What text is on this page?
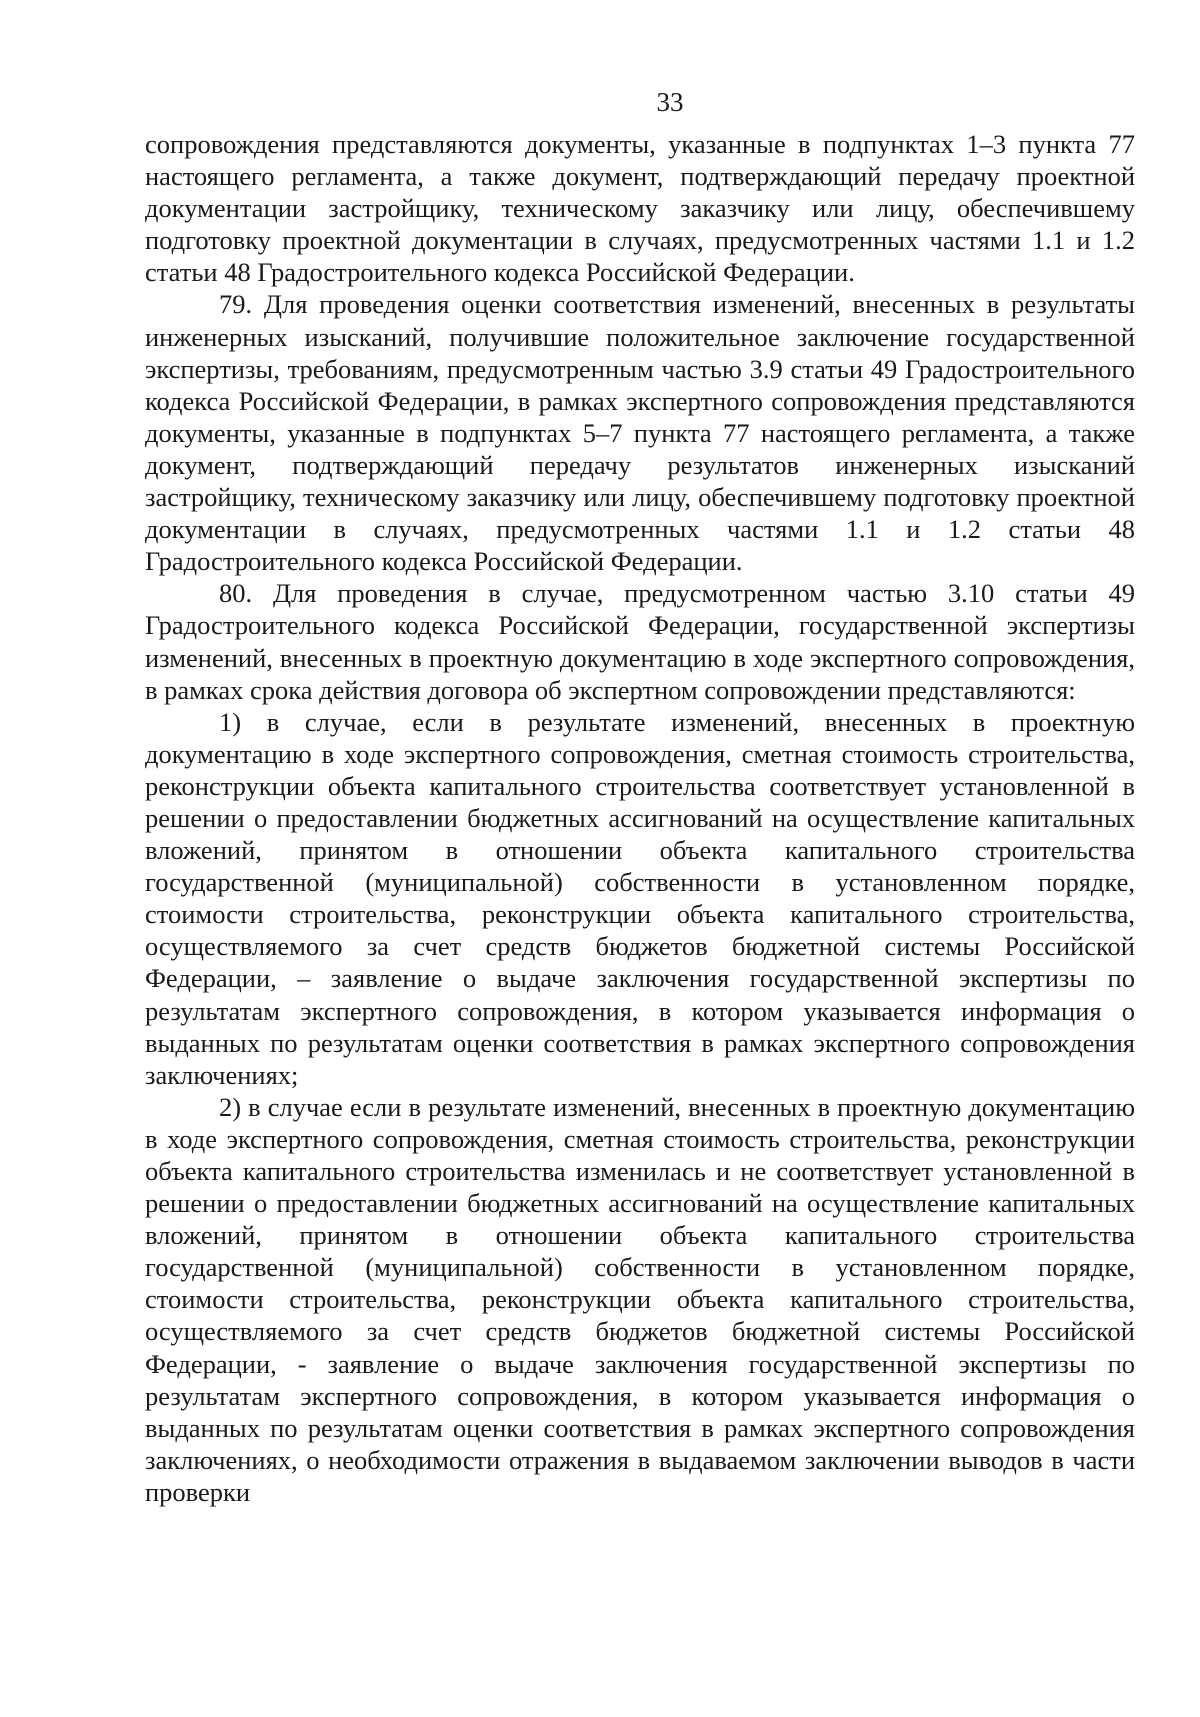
33

сопровождения представляются документы, указанные в подпунктах 1–3 пункта 77 настоящего регламента, а также документ, подтверждающий передачу проектной документации застройщику, техническому заказчику или лицу, обеспечившему подготовку проектной документации в случаях, предусмотренных частями 1.1 и 1.2 статьи 48 Градостроительного кодекса Российской Федерации.

79. Для проведения оценки соответствия изменений, внесенных в результаты инженерных изысканий, получившие положительное заключение государственной экспертизы, требованиям, предусмотренным частью 3.9 статьи 49 Градостроительного кодекса Российской Федерации, в рамках экспертного сопровождения представляются документы, указанные в подпунктах 5–7 пункта 77 настоящего регламента, а также документ, подтверждающий передачу результатов инженерных изысканий застройщику, техническому заказчику или лицу, обеспечившему подготовку проектной документации в случаях, предусмотренных частями 1.1 и 1.2 статьи 48 Градостроительного кодекса Российской Федерации.

80. Для проведения в случае, предусмотренном частью 3.10 статьи 49 Градостроительного кодекса Российской Федерации, государственной экспертизы изменений, внесенных в проектную документацию в ходе экспертного сопровождения, в рамках срока действия договора об экспертном сопровождении представляются:

1) в случае, если в результате изменений, внесенных в проектную документацию в ходе экспертного сопровождения, сметная стоимость строительства, реконструкции объекта капитального строительства соответствует установленной в решении о предоставлении бюджетных ассигнований на осуществление капитальных вложений, принятом в отношении объекта капитального строительства государственной (муниципальной) собственности в установленном порядке, стоимости строительства, реконструкции объекта капитального строительства, осуществляемого за счет средств бюджетов бюджетной системы Российской Федерации, – заявление о выдаче заключения государственной экспертизы по результатам экспертного сопровождения, в котором указывается информация о выданных по результатам оценки соответствия в рамках экспертного сопровождения заключениях;

2) в случае если в результате изменений, внесенных в проектную документацию в ходе экспертного сопровождения, сметная стоимость строительства, реконструкции объекта капитального строительства изменилась и не соответствует установленной в решении о предоставлении бюджетных ассигнований на осуществление капитальных вложений, принятом в отношении объекта капитального строительства государственной (муниципальной) собственности в установленном порядке, стоимости строительства, реконструкции объекта капитального строительства, осуществляемого за счет средств бюджетов бюджетной системы Российской Федерации, - заявление о выдаче заключения государственной экспертизы по результатам экспертного сопровождения, в котором указывается информация о выданных по результатам оценки соответствия в рамках экспертного сопровождения заключениях, о необходимости отражения в выдаваемом заключении выводов в части проверки
